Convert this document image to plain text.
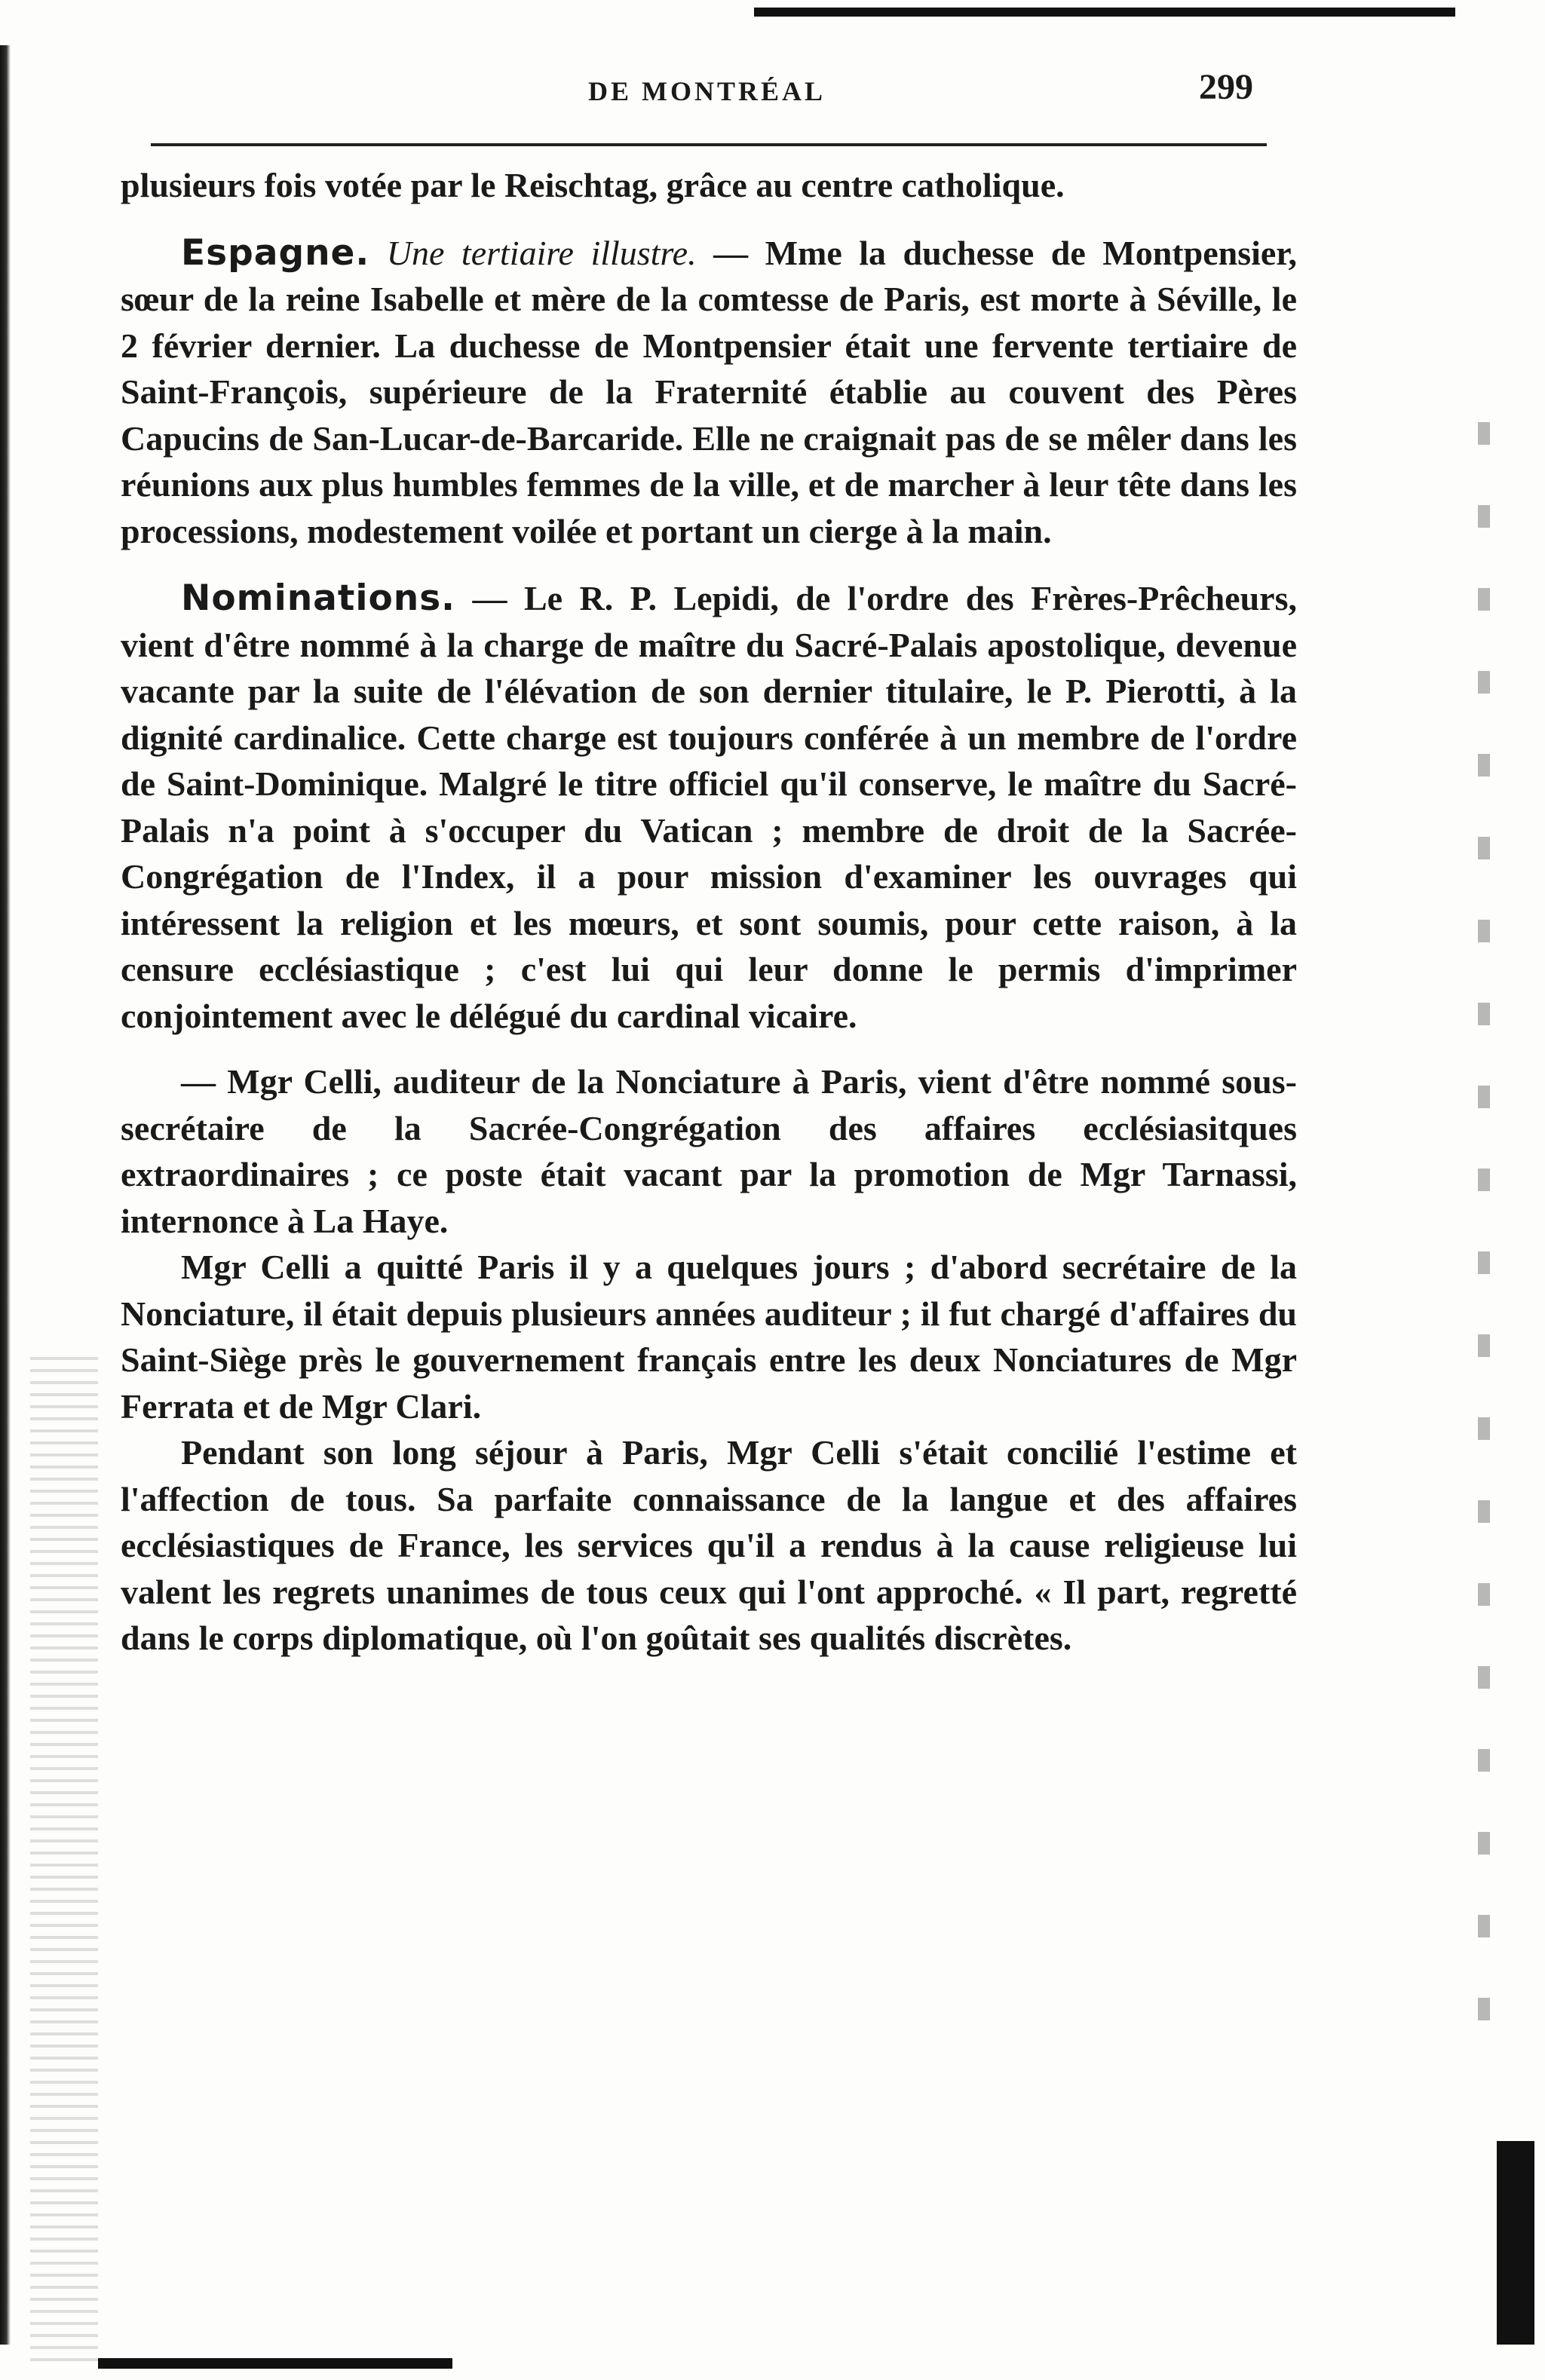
DE MONTRÉAL	299

plusieurs fois votée par le Reischtag, grâce au centre catholique.

Espagne. Une tertiaire illustre. — Mme la duchesse de Montpensier, sœur de la reine Isabelle et mère de la comtesse de Paris, est morte à Séville, le 2 février dernier. La duchesse de Montpensier était une fervente tertiaire de Saint-François, supérieure de la Fraternité établie au couvent des Pères Capucins de San-Lucar-de-Barcaride. Elle ne craignait pas de se mêler dans les réunions aux plus humbles femmes de la ville, et de marcher à leur tête dans les processions, modestement voilée et portant un cierge à la main.

Nominations. — Le R. P. Lepidi, de l'ordre des Frères-Prêcheurs, vient d'être nommé à la charge de maître du Sacré-Palais apostolique, devenue vacante par la suite de l'élévation de son dernier titulaire, le P. Pierotti, à la dignité cardinalice. Cette charge est toujours conférée à un membre de l'ordre de Saint-Dominique. Malgré le titre officiel qu'il conserve, le maître du Sacré-Palais n'a point à s'occuper du Vatican ; membre de droit de la Sacrée-Congrégation de l'Index, il a pour mission d'examiner les ouvrages qui intéressent la religion et les mœurs, et sont soumis, pour cette raison, à la censure ecclésiastique ; c'est lui qui leur donne le permis d'imprimer conjointement avec le délégué du cardinal vicaire.

— Mgr Celli, auditeur de la Nonciature à Paris, vient d'être nommé sous-secrétaire de la Sacrée-Congrégation des affaires ecclésiasitques extraordinaires ; ce poste était vacant par la promotion de Mgr Tarnassi, internonce à La Haye.

Mgr Celli a quitté Paris il y a quelques jours ; d'abord secrétaire de la Nonciature, il était depuis plusieurs années auditeur ; il fut chargé d'affaires du Saint-Siège près le gouvernement français entre les deux Nonciatures de Mgr Ferrata et de Mgr Clari.

Pendant son long séjour à Paris, Mgr Celli s'était concilié l'estime et l'affection de tous. Sa parfaite connaissance de la langue et des affaires ecclésiastiques de France, les services qu'il a rendus à la cause religieuse lui valent les regrets unanimes de tous ceux qui l'ont approché. « Il part, regretté dans le corps diplomatique, où l'on goûtait ses qualités discrètes.
